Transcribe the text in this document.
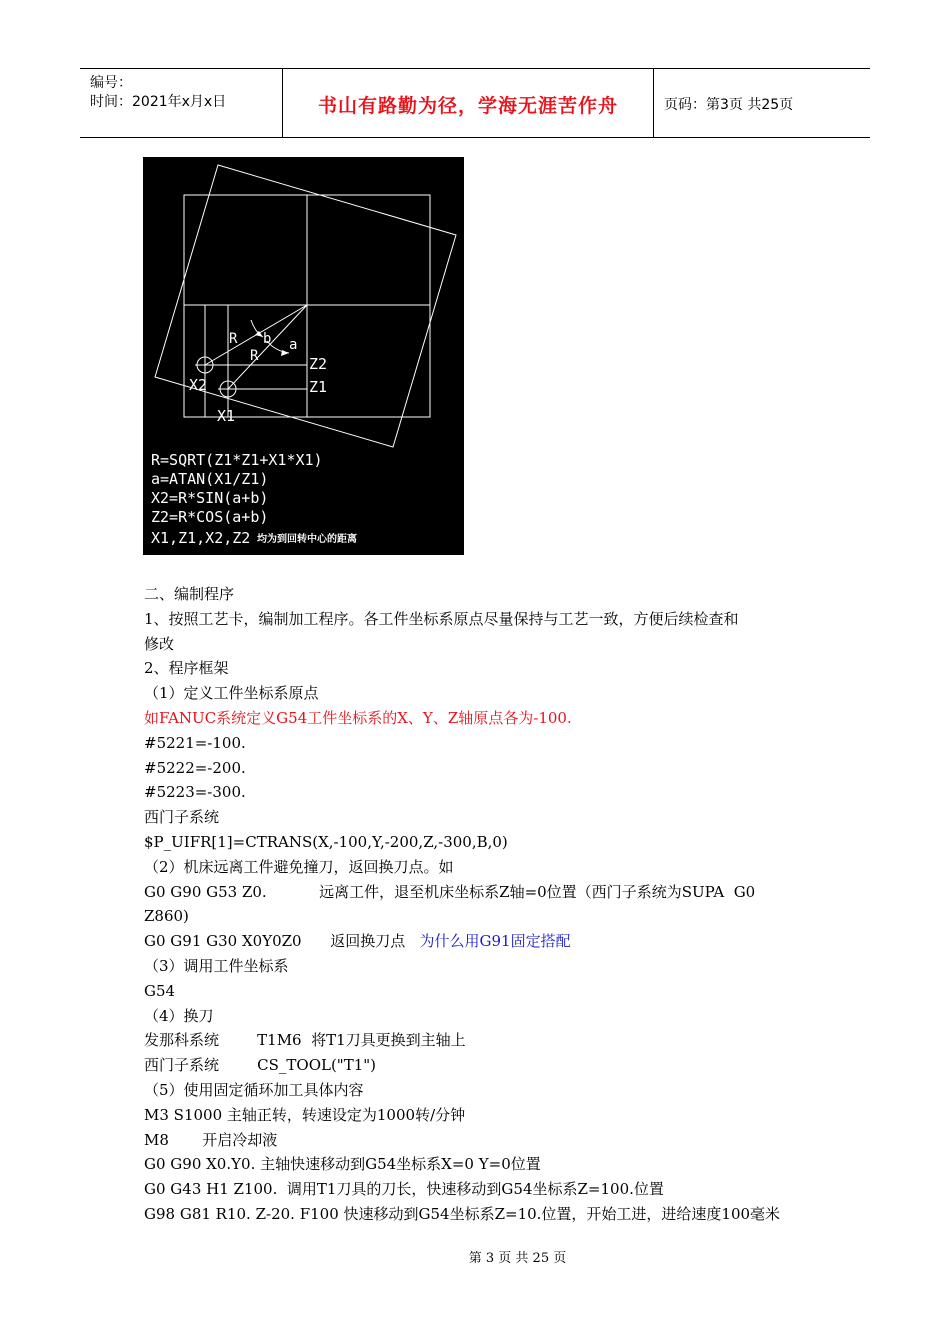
编号：
时间：2021年x月x日	书山有路勤为径，学海无涯苦作舟	页码：第3页 共25页
R
R
b a
Z2
Z1
X2
X1
R=SQRT(Z1*Z1+X1*X1)
a=ATAN(X1/Z1)
X2=R*SIN(a+b)
Z2=R*COS(a+b)
X1,Z1,X2,Z2 均为到回转中心的距离

二、编制程序

1、按照工艺卡，编制加工程序。各工件坐标系原点尽量保持与工艺一致，方便后续检查和

修改

2、程序框架

（1）定义工件坐标系原点

如FANUC系统定义G54工件坐标系的X、Y、Z轴原点各为-100.

#5221=-100.

#5222=-200.

#5223=-300.

西门子系统

$P_UIFR[1]=CTRANS(X,-100,Y,-200,Z,-300,B,0)

（2）机床远离工件避免撞刀，返回换刀点。如

G0 G90 G53 Z0.           远离工件，退至机床坐标系Z轴=0位置（西门子系统为SUPA  G0

Z860)

G0 G91 G30 X0Y0Z0      返回换刀点   为什么用G91固定搭配

（3）调用工件坐标系

G54

（4）换刀

发那科系统        T1M6  将T1刀具更换到主轴上

西门子系统        CS_TOOL("T1")

（5）使用固定循环加工具体内容

M3 S1000 主轴正转，转速设定为1000转/分钟

M8       开启冷却液

G0 G90 X0.Y0. 主轴快速移动到G54坐标系X=0 Y=0位置

G0 G43 H1 Z100.  调用T1刀具的刀长，快速移动到G54坐标系Z=100.位置

G98 G81 R10. Z-20. F100 快速移动到G54坐标系Z=10.位置，开始工进，进给速度100毫米

第 3 页 共 25 页
